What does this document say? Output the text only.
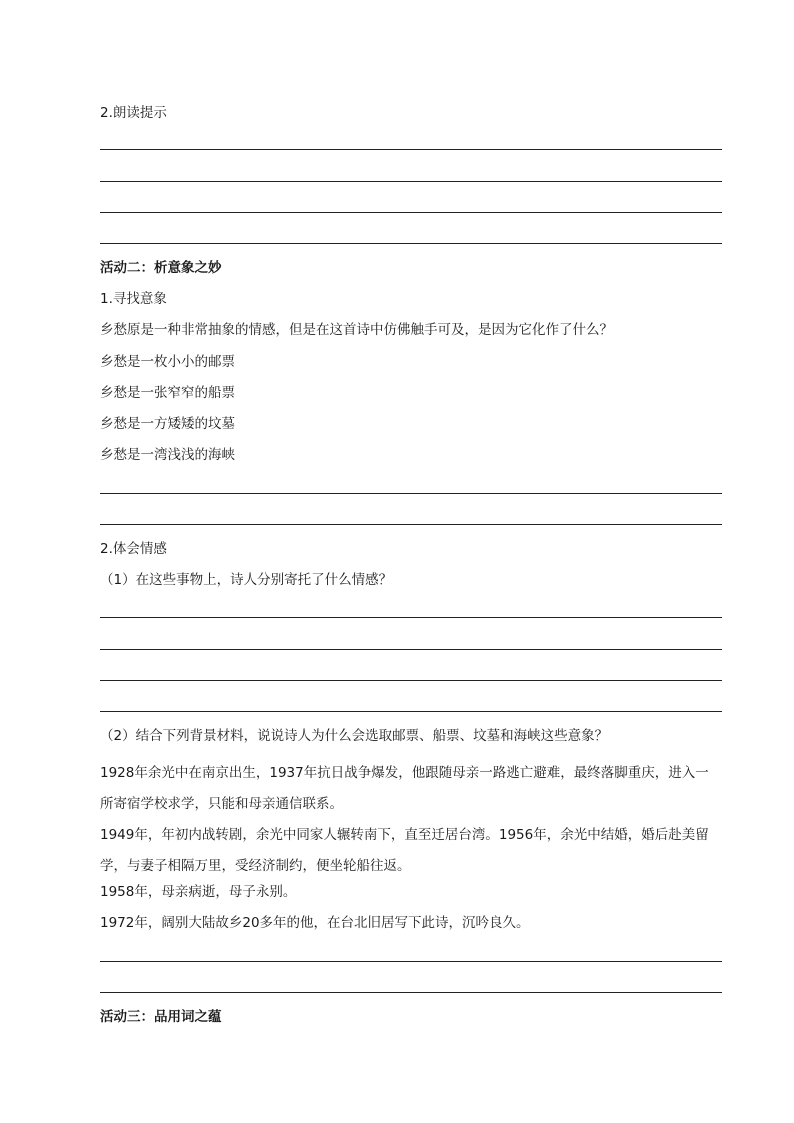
2.朗读提示

活动二：析意象之妙

1.寻找意象

乡愁原是一种非常抽象的情感，但是在这首诗中仿佛触手可及，是因为它化作了什么？

乡愁是一枚小小的邮票

乡愁是一张窄窄的船票

乡愁是一方矮矮的坟墓

乡愁是一湾浅浅的海峡

2.体会情感

（1）在这些事物上，诗人分别寄托了什么情感？

（2）结合下列背景材料，说说诗人为什么会选取邮票、船票、坟墓和海峡这些意象？

1928年余光中在南京出生，1937年抗日战争爆发，他跟随母亲一路逃亡避难，最终落脚重庆，进入一所寄宿学校求学，只能和母亲通信联系。

1949年，年初内战转剧，余光中同家人辗转南下，直至迁居台湾。1956年，余光中结婚，婚后赴美留学，与妻子相隔万里，受经济制约，便坐轮船往返。

1958年，母亲病逝，母子永别。

1972年，阔别大陆故乡20多年的他，在台北旧居写下此诗，沉吟良久。

活动三：品用词之蕴
